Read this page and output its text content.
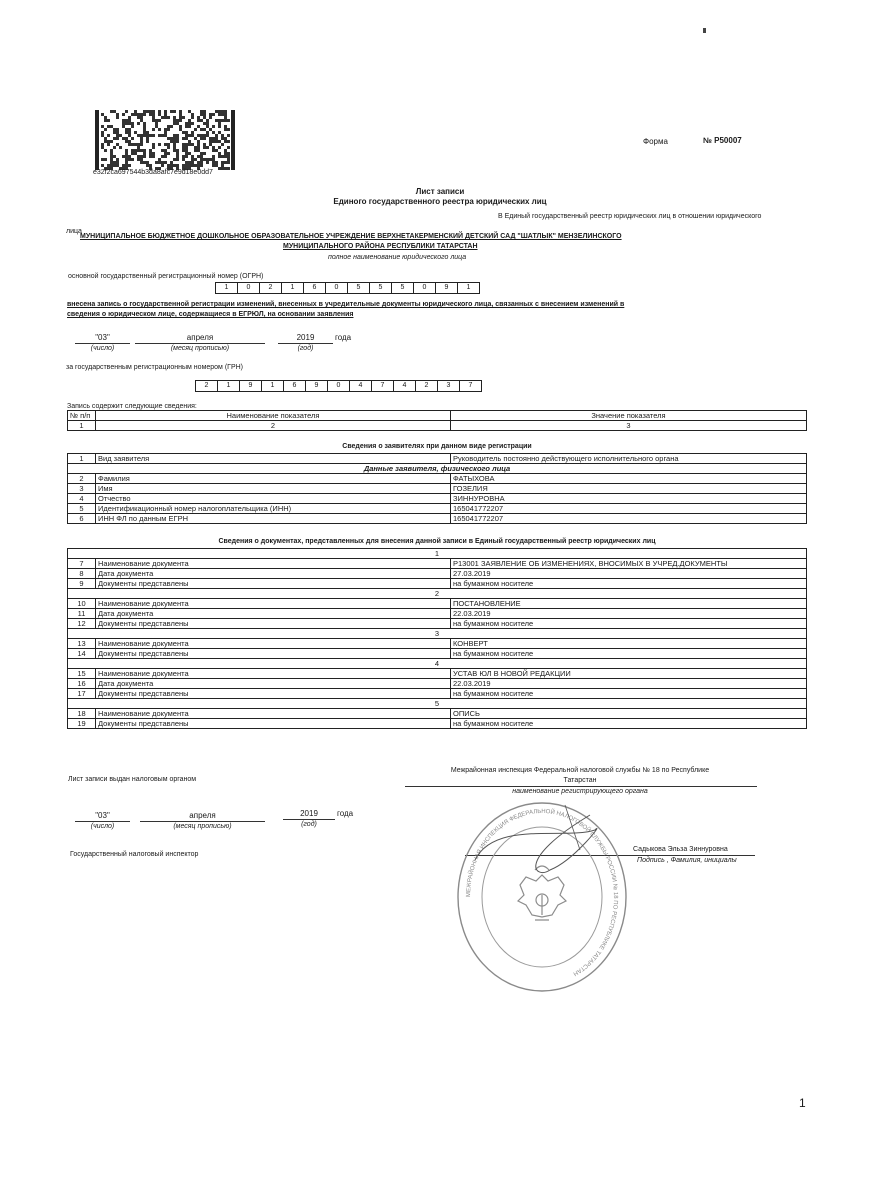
e32f2ca697544b3da8afc7e9d18e0dd7
Форма	№ Р50007
Лист записи
Единого государственного реестра юридических лиц
В Единый государственный реестр юридических лиц в отношении юридического
лица
МУНИЦИПАЛЬНОЕ БЮДЖЕТНОЕ ДОШКОЛЬНОЕ ОБРАЗОВАТЕЛЬНОЕ УЧРЕЖДЕНИЕ ВЕРХНЕТАКЕРМЕНСКИЙ ДЕТСКИЙ САД "ШАТЛЫК" МЕНЗЕЛИНСКОГО
МУНИЦИПАЛЬНОГО РАЙОНА РЕСПУБЛИКИ ТАТАРСТАН
полное наименование юридического лица
основной государственный регистрационный номер (ОГРН)
1	0	2	1	6	0	5	5	5	0	9	1
внесена запись о государственной регистрации изменений, внесенных в учредительные документы юридического лица, связанных с внесением изменений в
сведения о юридическом лице, содержащиеся в ЕГРЮЛ, на основании заявления
"03"	апреля	2019	года
(число)	(месяц прописью)	(год)
за государственным регистрационным номером (ГРН)
2	1	9	1	6	9	0	4	7	4	2	3	7
Запись содержит следующие сведения:
№ п/п	Наименование показателя	Значение показателя
1	2	3
Сведения о заявителях при данном виде регистрации
1	Вид заявителя	Руководитель постоянно действующего исполнительного органа
Данные заявителя, физического лица		
2	Фамилия	ФАТЫХОВА
3	Имя	ГОЗЕЛИЯ
4	Отчество	ЗИННУРОВНА
5	Идентификационный номер налогоплательщика (ИНН)	165041772207
6	ИНН ФЛ по данным ЕГРН	165041772207
Сведения о документах, представленных для внесения данной записи в Единый государственный реестр юридических лиц
1		
7	Наименование документа	Р13001 ЗАЯВЛЕНИЕ ОБ ИЗМЕНЕНИЯХ, ВНОСИМЫХ В УЧРЕД.ДОКУМЕНТЫ
8	Дата документа	27.03.2019
9	Документы представлены	на бумажном носителе
2		
10	Наименование документа	ПОСТАНОВЛЕНИЕ
11	Дата документа	22.03.2019
12	Документы представлены	на бумажном носителе
3		
13	Наименование документа	КОНВЕРТ
14	Документы представлены	на бумажном носителе
4		
15	Наименование документа	УСТАВ ЮЛ В НОВОЙ РЕДАКЦИИ
16	Дата документа	22.03.2019
17	Документы представлены	на бумажном носителе
5		
18	Наименование документа	ОПИСЬ
19	Документы представлены	на бумажном носителе
Лист записи выдан налоговым органом
Межрайонная инспекция Федеральной налоговой службы № 18 по Республике
Татарстан
наименование регистрирующего органа
"03"	апреля	2019	года
(число)	(месяц прописью)	(год)
Государственный налоговый инспектор
Садыкова Эльза Зиннуровна
Подпись , Фамилия, инициалы
МЕЖРАЙОННАЯ ИНСПЕКЦИЯ ФЕДЕРАЛЬНОЙ НАЛОГОВОЙ СЛУЖБЫ РОССИИ № 18 ПО РЕСПУБЛИКЕ ТАТАРСТАН
1
